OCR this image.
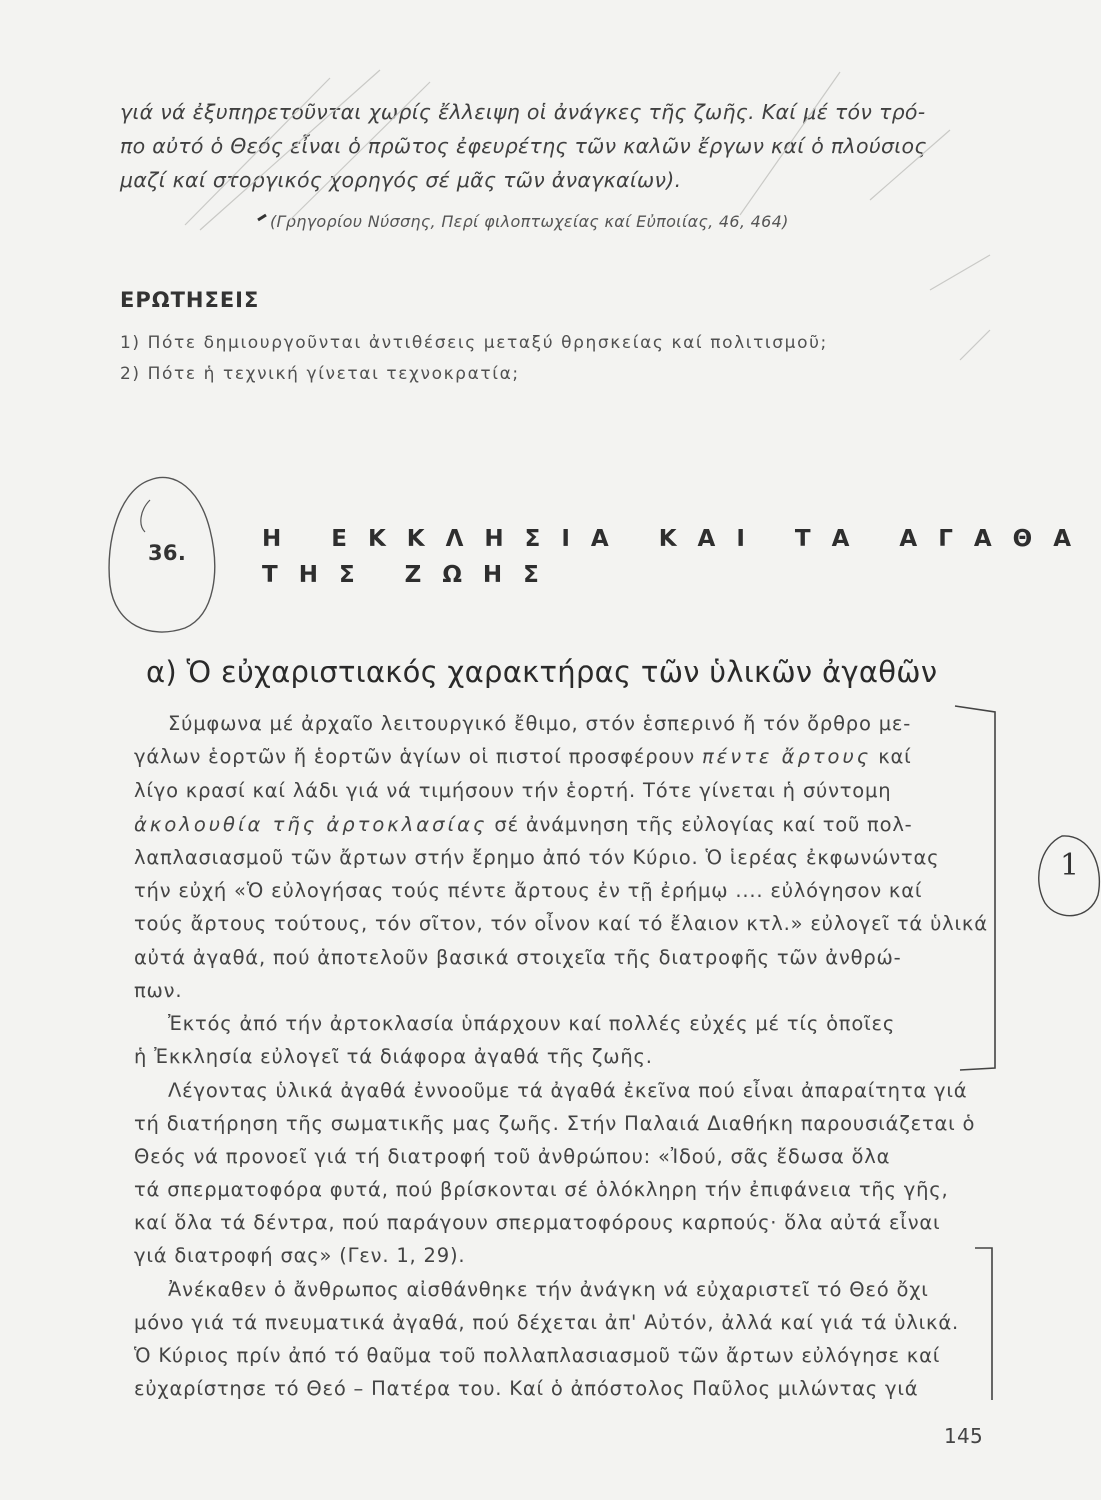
γιά νά ἐξυπηρετοῦνται χωρίς ἔλλειψη οἱ ἀνάγκες τῆς ζωῆς. Καί μέ τόν τρό-
πο αὐτό ὁ Θεός εἶναι ὁ πρῶτος ἐφευρέτης τῶν καλῶν ἔργων καί ὁ πλούσιος
μαζί καί στοργικός χορηγός σέ μᾶς τῶν ἀναγκαίων).
(Γρηγορίου Νύσσης, Περί φιλοπτωχείας καί Εὐποιίας, 46, 464)
ΕΡΩΤΗΣΕΙΣ
1) Πότε δημιουργοῦνται ἀντιθέσεις μεταξύ θρησκείας καί πολιτισμοῦ;
2) Πότε ἡ τεχνική γίνεται τεχνοκρατία;
36.
Η ΕΚΚΛΗΣΙΑ ΚΑΙ ΤΑ ΑΓΑΘΑ
ΤΗΣ ΖΩΗΣ
α) Ὁ εὐχαριστιακός χαρακτήρας τῶν ὑλικῶν ἀγαθῶν
Σύμφωνα μέ ἀρχαῖο λειτουργικό ἔθιμο, στόν ἑσπερινό ἤ τόν ὄρθρο με-
γάλων ἑορτῶν ἤ ἑορτῶν ἁγίων οἱ πιστοί προσφέρουν πέντε ἄρτους καί
λίγο κρασί καί λάδι γιά νά τιμήσουν τήν ἑορτή. Τότε γίνεται ἡ σύντομη
ἀκολουθία τῆς ἀρτοκλασίας σέ ἀνάμνηση τῆς εὐλογίας καί τοῦ πολ-
λαπλασιασμοῦ τῶν ἄρτων στήν ἔρημο ἀπό τόν Κύριο. Ὁ ἱερέας ἐκφωνώντας
τήν εὐχή «Ὁ εὐλογήσας τούς πέντε ἄρτους ἐν τῇ ἐρήμῳ .... εὐλόγησον καί
τούς ἄρτους τούτους, τόν σῖτον, τόν οἶνον καί τό ἔλαιον κτλ.» εὐλογεῖ τά ὑλικά
αὐτά ἀγαθά, πού ἀποτελοῦν βασικά στοιχεῖα τῆς διατροφῆς τῶν ἀνθρώ-
πων.
Ἐκτός ἀπό τήν ἀρτοκλασία ὑπάρχουν καί πολλές εὐχές μέ τίς ὁποῖες
ἡ Ἐκκλησία εὐλογεῖ τά διάφορα ἀγαθά τῆς ζωῆς.
Λέγοντας ὑλικά ἀγαθά ἐννοοῦμε τά ἀγαθά ἐκεῖνα πού εἶναι ἀπαραίτητα γιά
τή διατήρηση τῆς σωματικῆς μας ζωῆς. Στήν Παλαιά Διαθήκη παρουσιάζεται ὁ
Θεός νά προνοεῖ γιά τή διατροφή τοῦ ἀνθρώπου: «Ἰδού, σᾶς ἔδωσα ὅλα
τά σπερματοφόρα φυτά, πού βρίσκονται σέ ὁλόκληρη τήν ἐπιφάνεια τῆς γῆς,
καί ὅλα τά δέντρα, πού παράγουν σπερματοφόρους καρπούς· ὅλα αὐτά εἶναι
γιά διατροφή σας» (Γεν. 1, 29).
Ἀνέκαθεν ὁ ἄνθρωπος αἰσθάνθηκε τήν ἀνάγκη νά εὐχαριστεῖ τό Θεό ὄχι
μόνο γιά τά πνευματικά ἀγαθά, πού δέχεται ἀπ' Αὐτόν, ἀλλά καί γιά τά ὑλικά.
Ὁ Κύριος πρίν ἀπό τό θαῦμα τοῦ πολλαπλασιασμοῦ τῶν ἄρτων εὐλόγησε καί
εὐχαρίστησε τό Θεό – Πατέρα του. Καί ὁ ἀπόστολος Παῦλος μιλώντας γιά
145
1
